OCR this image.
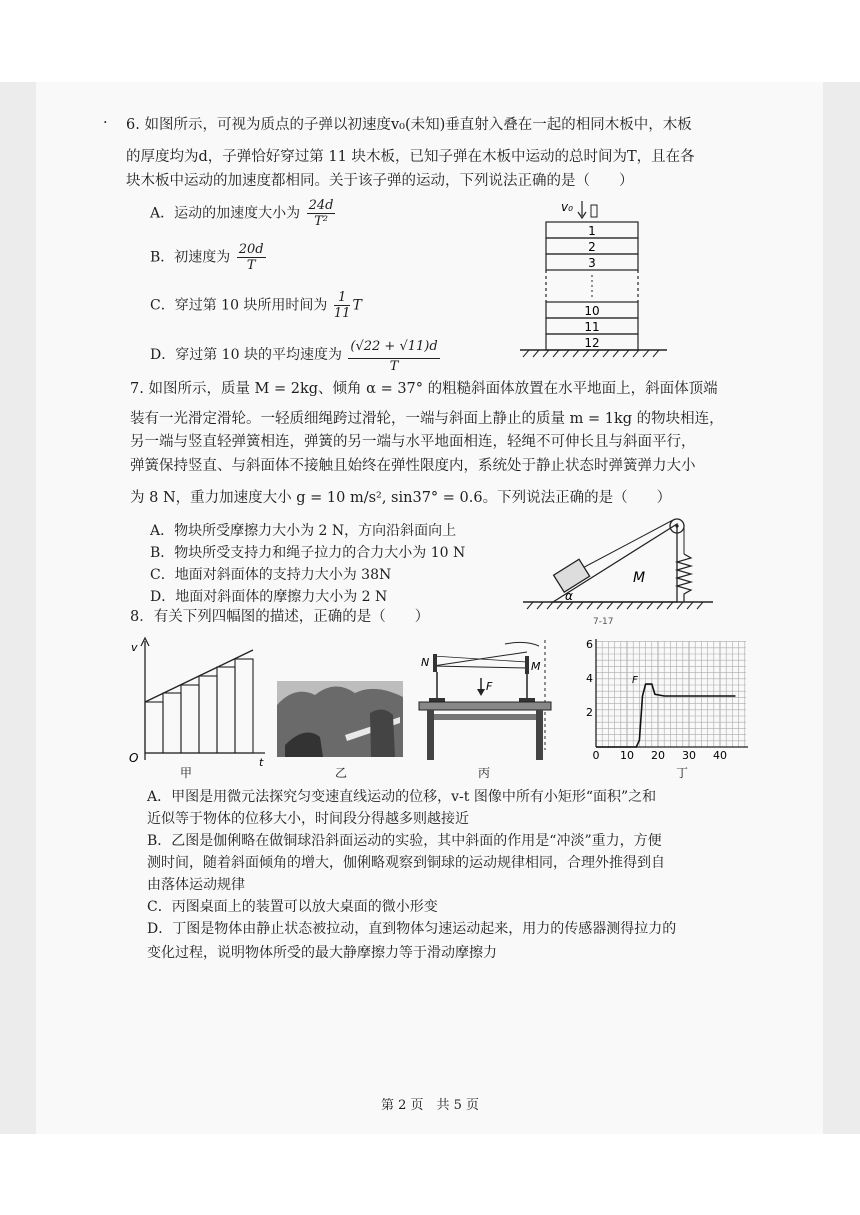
· 6. 如图所示，可视为质点的子弹以初速度v₀(未知)垂直射入叠在一起的相同木板中，木板
的厚度均为d，子弹恰好穿过第 11 块木板，已知子弹在木板中运动的总时间为T，且在各
块木板中运动的加速度都相同。关于该子弹的运动，下列说法正确的是（　　）
A．运动的加速度大小为 $\frac{24d}{\text{T²}}$
B．初速度为 $\frac{20d}{T}$
C．穿过第 10 块所用时间为 $\frac{1}{11}$ T
D．穿过第 10 块的平均速度为 $\frac{(√22 + √11)d}{T}$
v₀
1
2
3
10
11
12
7. 如图所示，质量 M = 2kg、倾角 α = 37° 的粗糙斜面体放置在水平地面上，斜面体顶端
装有一光滑定滑轮。一轻质细绳跨过滑轮，一端与斜面上静止的质量 m = 1kg 的物块相连，
另一端与竖直轻弹簧相连，弹簧的另一端与水平地面相连，轻绳不可伸长且与斜面平行，
弹簧保持竖直、与斜面体不接触且始终在弹性限度内，系统处于静止状态时弹簧弹力大小
为 8 N，重力加速度大小 g = 10 m/s², sin37° = 0.6。下列说法正确的是（　　）
A．物块所受摩擦力大小为 2 N，方向沿斜面向上
B．物块所受支持力和绳子拉力的合力大小为 10 N
C．地面对斜面体的支持力大小为 38N
D．地面对斜面体的摩擦力大小为 2 N
M
α
7-17
8．有关下列四幅图的描述，正确的是（　　）
v
t
O
N	M
F	F
0 10 20 30 40
2
4
6
甲	乙	丙	丁
A．甲图是用微元法探究匀变速直线运动的位移，v-t 图像中所有小矩形“面积”之和
近似等于物体的位移大小，时间段分得越多则越接近
B．乙图是伽俐略在做铜球沿斜面运动的实验，其中斜面的作用是“冲淡”重力，方便
测时间，随着斜面倾角的增大，伽俐略观察到铜球的运动规律相同，合理外推得到自
由落体运动规律
C．丙图桌面上的装置可以放大桌面的微小形变
D．丁图是物体由静止状态被拉动，直到物体匀速运动起来，用力的传感器测得拉力的
变化过程，说明物体所受的最大静摩擦力等于滑动摩擦力
第 2 页　共 5 页
